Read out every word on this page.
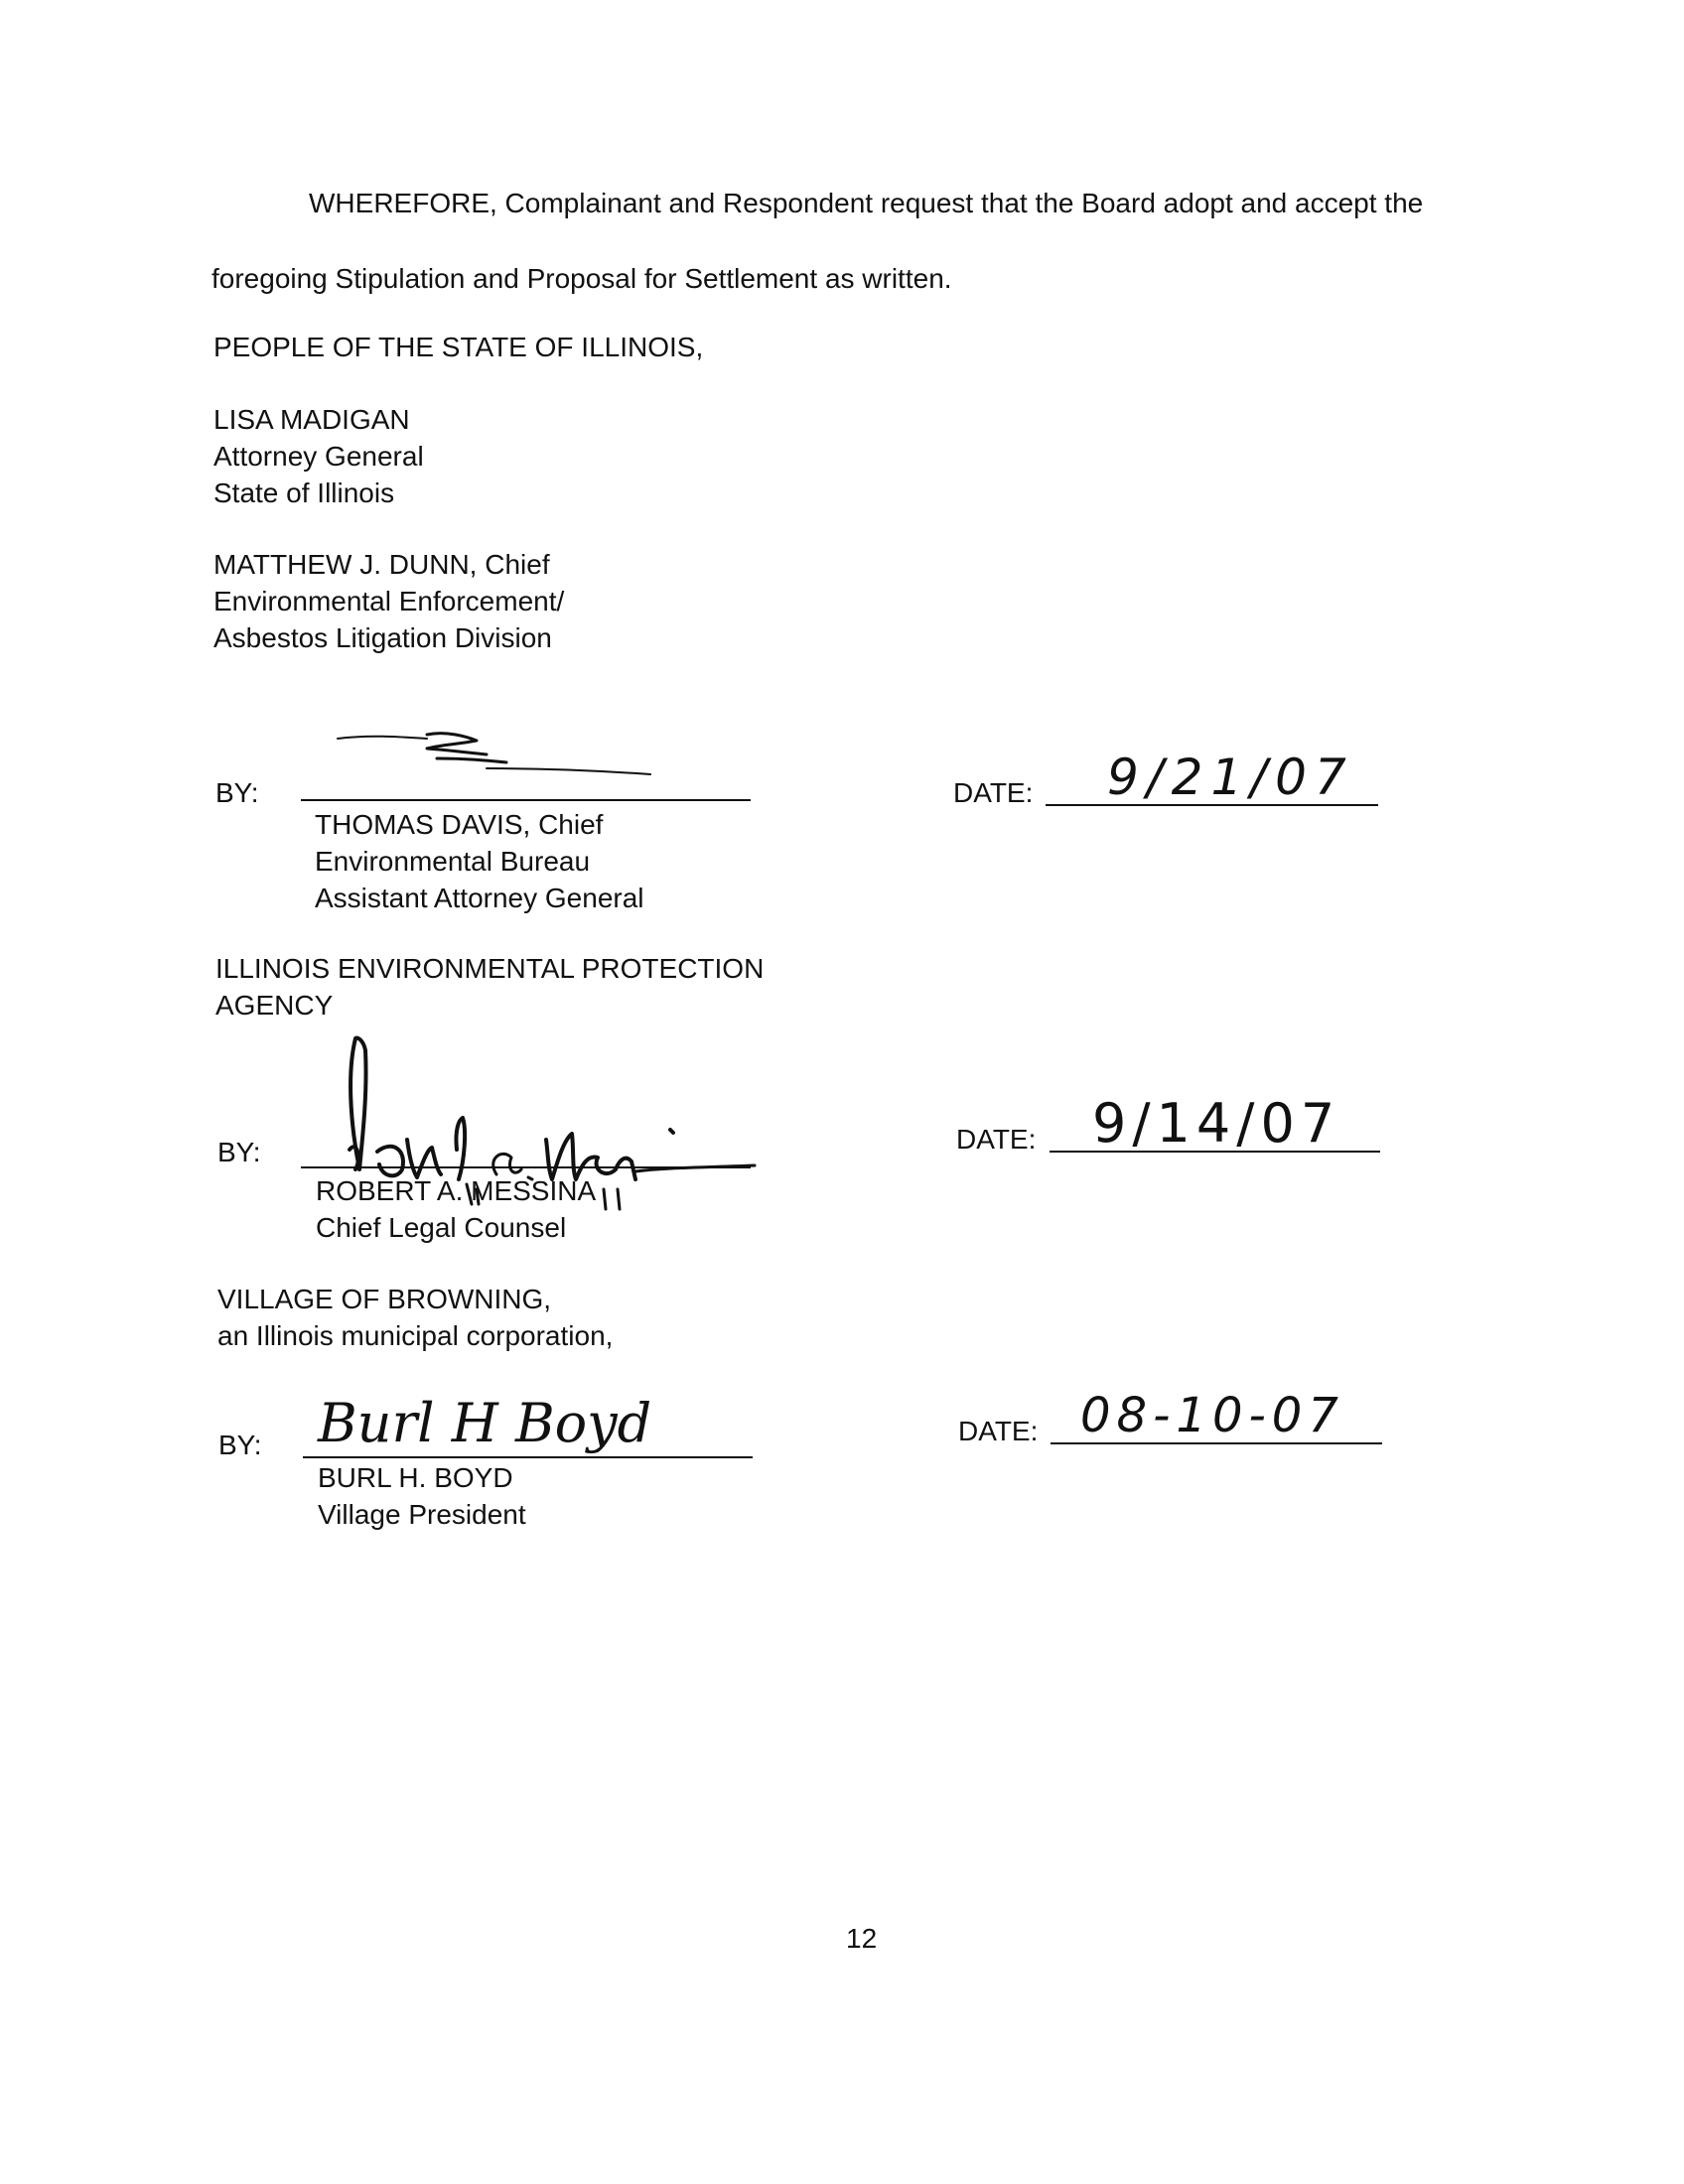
WHEREFORE, Complainant and Respondent request that the Board adopt and accept the

foregoing Stipulation and Proposal for Settlement as written.

PEOPLE OF THE STATE OF ILLINOIS,

LISA MADIGAN
Attorney General
State of Illinois
MATTHEW J. DUNN, Chief
Environmental Enforcement/
Asbestos Litigation Division
BY:
THOMAS DAVIS, Chief
Environmental Bureau
Assistant Attorney General
DATE: 9/21/07
ILLINOIS ENVIRONMENTAL PROTECTION
AGENCY
BY:
ROBERT A. MESSINA
Chief Legal Counsel
DATE: 9/14/07
VILLAGE OF BROWNING,
an Illinois municipal corporation,
BY: Burl H Boyd
BURL H. BOYD
Village President
DATE: 08-10-07
12
